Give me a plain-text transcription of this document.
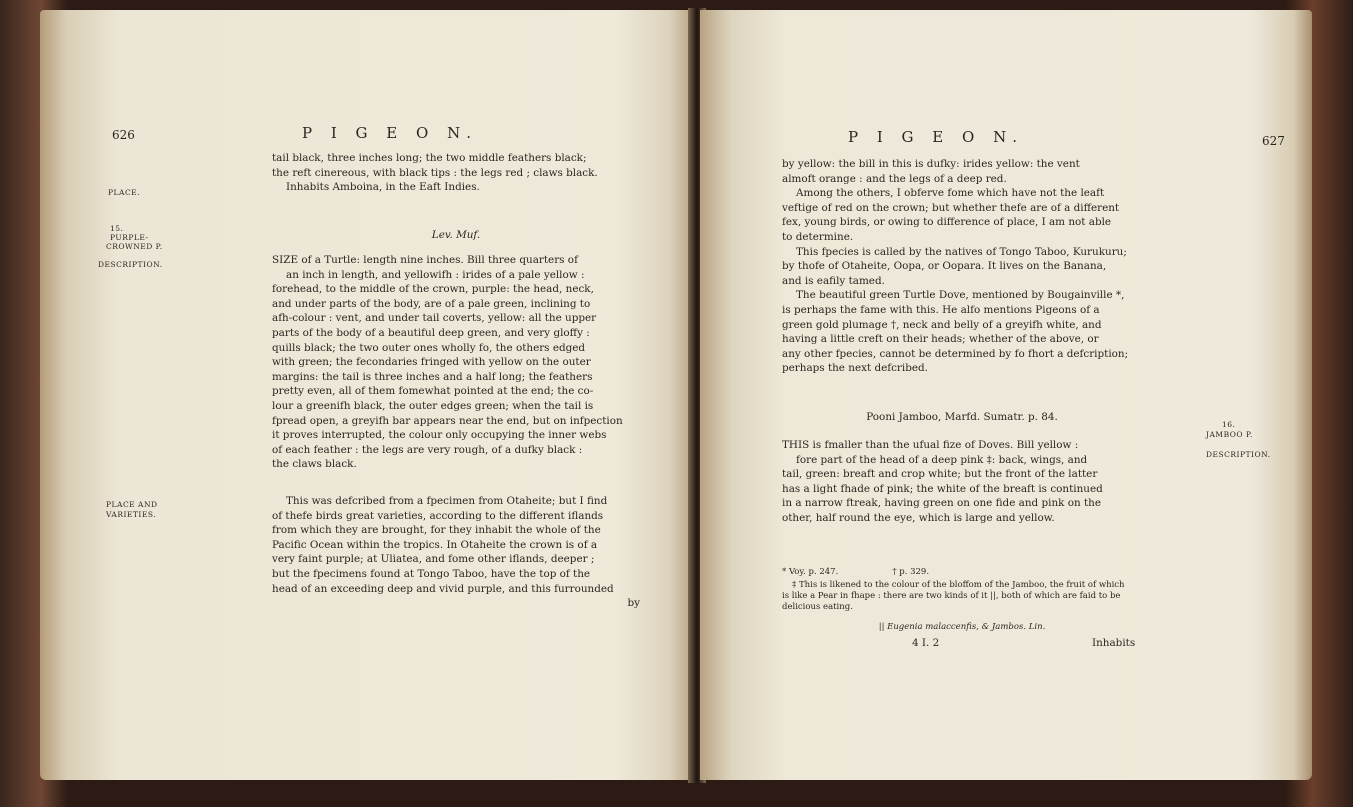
626	P I G E O N.
PLACE.
15.
PURPLE-
CROWNED P.
DESCRIPTION.
PLACE AND
VARIETIES.

tail black, three inches long; the two middle feathers black;

the reft cinereous, with black tips : the legs red ; claws black.

Inhabits Amboina, in the Eaft Indies.

Lev. Muf.

SIZE of a Turtle: length nine inches. Bill three quarters of

an inch in length, and yellowifh : irides of a pale yellow :

forehead, to the middle of the crown, purple: the head, neck,

and under parts of the body, are of a pale green, inclining to

afh-colour : vent, and under tail coverts, yellow: all the upper

parts of the body of a beautiful deep green, and very gloffy :

quills black; the two outer ones wholly fo, the others edged

with green; the fecondaries fringed with yellow on the outer

margins: the tail is three inches and a half long; the feathers

pretty even, all of them fomewhat pointed at the end; the co-

lour a greenifh black, the outer edges green; when the tail is

fpread open, a greyifh bar appears near the end, but on infpection

it proves interrupted, the colour only occupying the inner webs

of each feather : the legs are very rough, of a dufky black :

the claws black.

This was defcribed from a fpecimen from Otaheite; but I find

of thefe birds great varieties, according to the different iflands

from which they are brought, for they inhabit the whole of the

Pacific Ocean within the tropics. In Otaheite the crown is of a

very faint purple; at Uliatea, and fome other iflands, deeper ;

but the fpecimens found at Tongo Taboo, have the top of the

head of an exceeding deep and vivid purple, and this furrounded

by

P I G E O N.	627

by yellow: the bill in this is dufky: irides yellow: the vent

almoft orange : and the legs of a deep red.

Among the others, I obferve fome which have not the leaft

veftige of red on the crown; but whether thefe are of a different

fex, young birds, or owing to difference of place, I am not able

to determine.

This fpecies is called by the natives of Tongo Taboo, Kurukuru;

by thofe of Otaheite, Oopa, or Oopara. It lives on the Banana,

and is eafily tamed.

The beautiful green Turtle Dove, mentioned by Bougainville *,

is perhaps the fame with this. He alfo mentions Pigeons of a

green gold plumage †, neck and belly of a greyifh white, and

having a little creft on their heads; whether of the above, or

any other fpecies, cannot be determined by fo fhort a defcription;

perhaps the next defcribed.

Pooni Jamboo, Marfd. Sumatr. p. 84.
16.
JAMBOO P.
DESCRIPTION.

THIS is fmaller than the ufual fize of Doves. Bill yellow :

fore part of the head of a deep pink ‡: back, wings, and

tail, green: breaft and crop white; but the front of the latter

has a light fhade of pink; the white of the breaft is continued

in a narrow ftreak, having green on one fide and pink on the

other, half round the eye, which is large and yellow.

* Voy. p. 247.                    † p. 329.

‡ This is likened to the colour of the bloffom of the Jamboo, the fruit of which

is like a Pear in fhape : there are two kinds of it ||, both of which are faid to be

delicious eating.

|| Eugenia malaccenfis, & Jambos. Lin.
4 I. 2	Inhabits
